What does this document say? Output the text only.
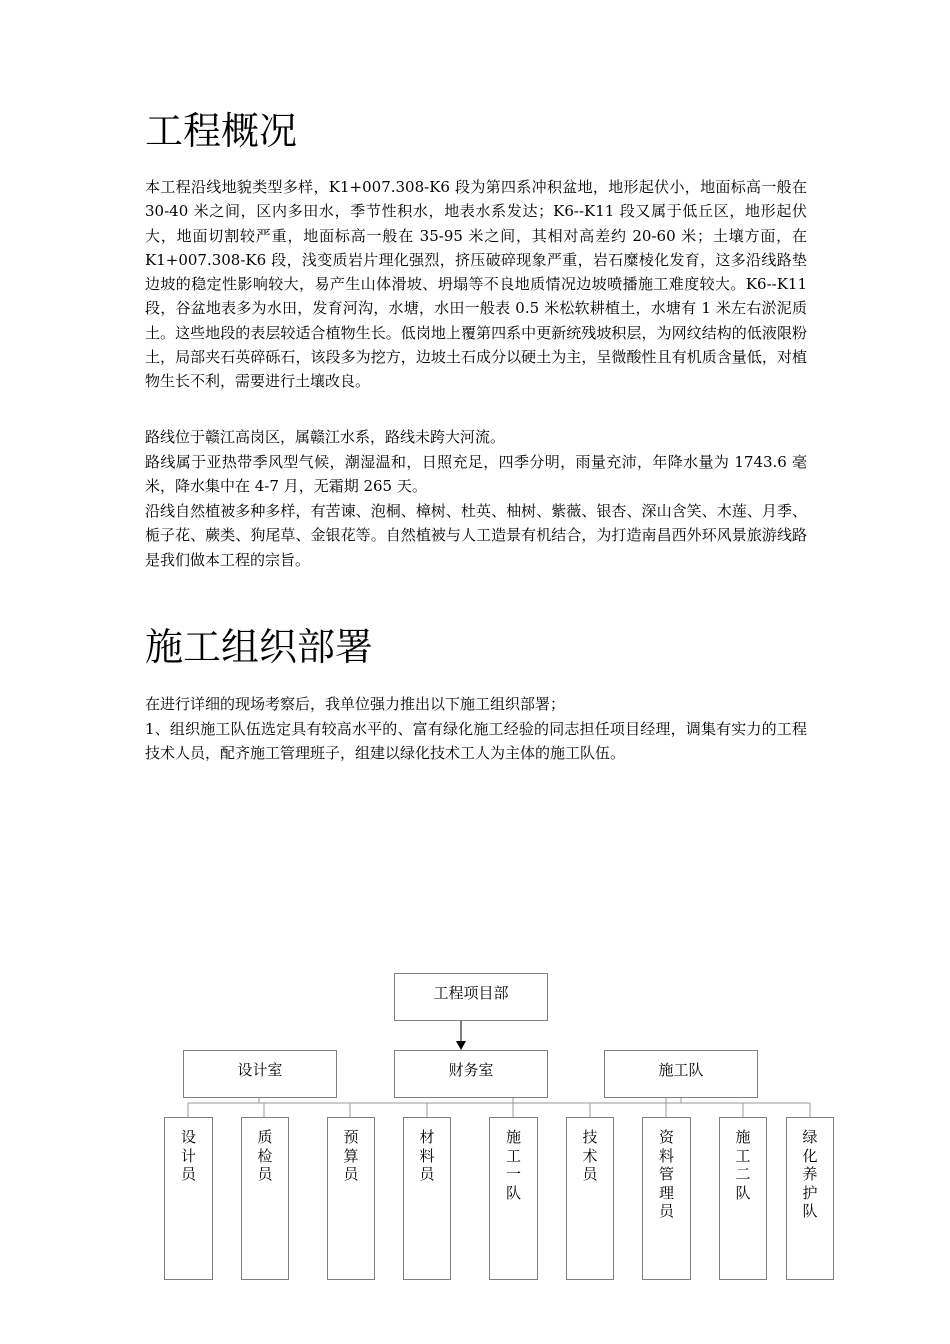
工程概况

本工程沿线地貌类型多样，K1+007.308-K6 段为第四系冲积盆地，地形起伏小，地面标高一般在 30-40 米之间，区内多田水，季节性积水，地表水系发达；K6--K11 段又属于低丘区，地形起伏大，地面切割较严重，地面标高一般在 35-95 米之间，其相对高差约 20-60 米；土壤方面，在 K1+007.308-K6 段，浅变质岩片理化强烈，挤压破碎现象严重，岩石糜棱化发育，这多沿线路垫边坡的稳定性影响较大，易产生山体滑坡、坍塌等不良地质情况边坡喷播施工难度较大。K6--K11 段，谷盆地表多为水田，发育河沟，水塘，水田一般表 0.5 米松软耕植土，水塘有 1 米左右淤泥质土。这些地段的表层较适合植物生长。低岗地上覆第四系中更新统残坡积层，为网纹结构的低液限粉土，局部夹石英碎砾石，该段多为挖方，边坡土石成分以硬土为主，呈微酸性且有机质含量低，对植物生长不利，需要进行土壤改良。

路线位于赣江高岗区，属赣江水系，路线未跨大河流。

路线属于亚热带季风型气候，潮湿温和，日照充足，四季分明，雨量充沛，年降水量为 1743.6 毫米，降水集中在 4-7 月，无霜期 265 天。

沿线自然植被多种多样，有苦谏、泡桐、樟树、杜英、柚树、紫薇、银杏、深山含笑、木莲、月季、栀子花、蕨类、狗尾草、金银花等。自然植被与人工造景有机结合，为打造南昌西外环风景旅游线路是我们做本工程的宗旨。

施工组织部署

在进行详细的现场考察后，我单位强力推出以下施工组织部署；

1、组织施工队伍选定具有较高水平的、富有绿化施工经验的同志担任项目经理，调集有实力的工程技术人员，配齐施工管理班子，组建以绿化技术工人为主体的施工队伍。

工程项目部
设计室	财务室	施工队
设计员
质检员
预算员
材料员
施工一队
技术员
资料管理员
施工二队
绿化养护队
